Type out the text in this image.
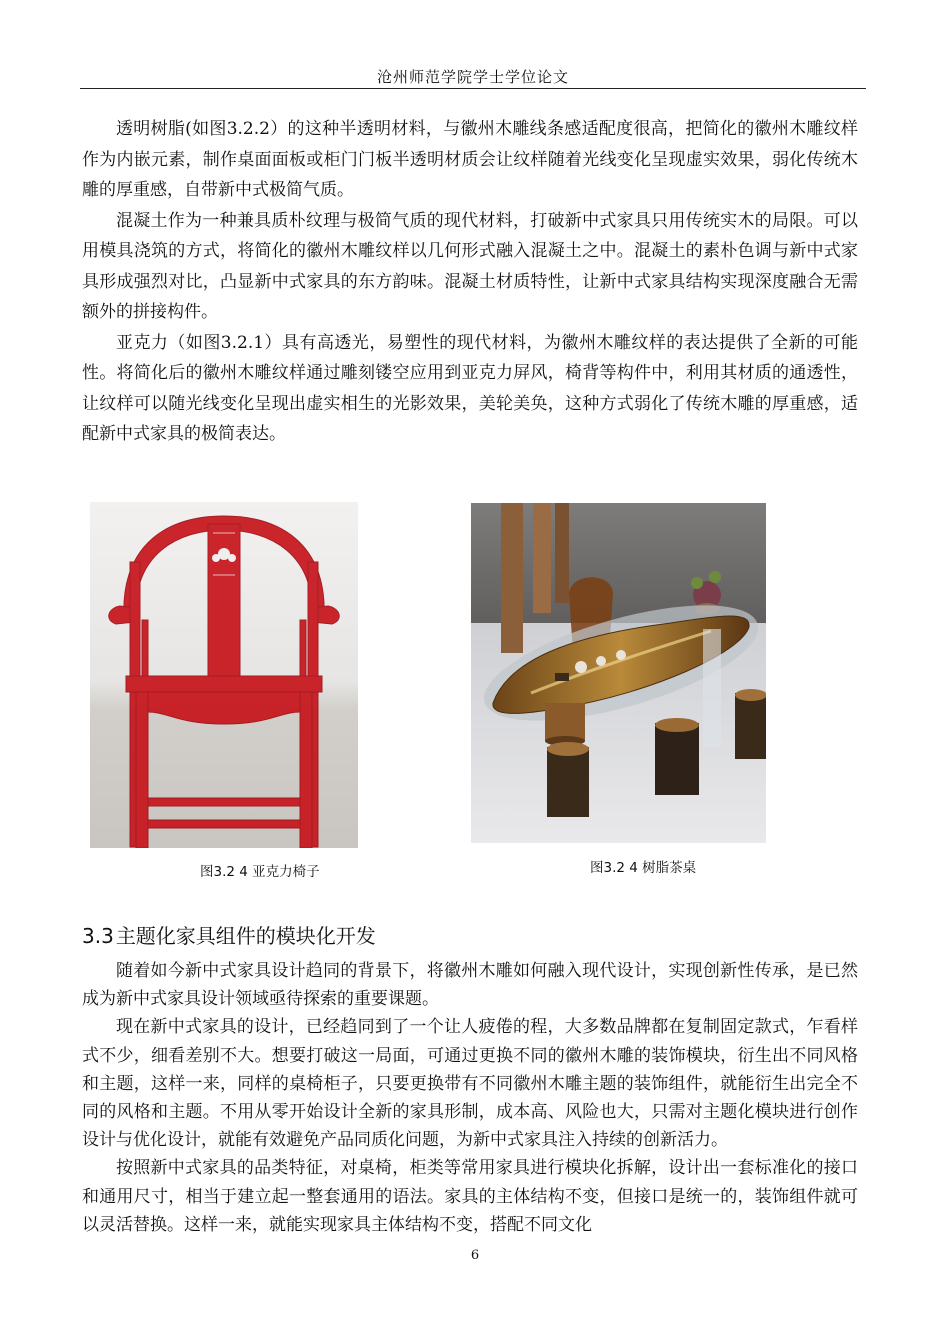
沧州师范学院学士学位论文

透明树脂(如图3.2.2）的这种半透明材料，与徽州木雕线条感适配度很高，把简化的徽州木雕纹样作为内嵌元素，制作桌面面板或柜门门板半透明材质会让纹样随着光线变化呈现虚实效果，弱化传统木雕的厚重感，自带新中式极简气质。

混凝土作为一种兼具质朴纹理与极简气质的现代材料，打破新中式家具只用传统实木的局限。可以用模具浇筑的方式，将简化的徽州木雕纹样以几何形式融入混凝土之中。混凝土的素朴色调与新中式家具形成强烈对比，凸显新中式家具的东方韵味。混凝土材质特性，让新中式家具结构实现深度融合无需额外的拼接构件。

亚克力（如图3.2.1）具有高透光，易塑性的现代材料，为徽州木雕纹样的表达提供了全新的可能性。将简化后的徽州木雕纹样通过雕刻镂空应用到亚克力屏风，椅背等构件中，利用其材质的通透性，让纹样可以随光线变化呈现出虚实相生的光影效果，美轮美奂，这种方式弱化了传统木雕的厚重感，适配新中式家具的极简表达。

图3.2 4 亚克力椅子	图3.2 4 树脂茶桌
3.3 主题化家具组件的模块化开发

随着如今新中式家具设计趋同的背景下，将徽州木雕如何融入现代设计，实现创新性传承，是已然成为新中式家具设计领域亟待探索的重要课题。

现在新中式家具的设计，已经趋同到了一个让人疲倦的程，大多数品牌都在复制固定款式，乍看样式不少，细看差别不大。想要打破这一局面，可通过更换不同的徽州木雕的装饰模块，衍生出不同风格和主题，这样一来，同样的桌椅柜子，只要更换带有不同徽州木雕主题的装饰组件，就能衍生出完全不同的风格和主题。不用从零开始设计全新的家具形制，成本高、风险也大，只需对主题化模块进行创作设计与优化设计，就能有效避免产品同质化问题，为新中式家具注入持续的创新活力。

按照新中式家具的品类特征，对桌椅，柜类等常用家具进行模块化拆解，设计出一套标准化的接口和通用尺寸，相当于建立起一整套通用的语法。家具的主体结构不变，但接口是统一的，装饰组件就可以灵活替换。这样一来，就能实现家具主体结构不变，搭配不同文化

6
